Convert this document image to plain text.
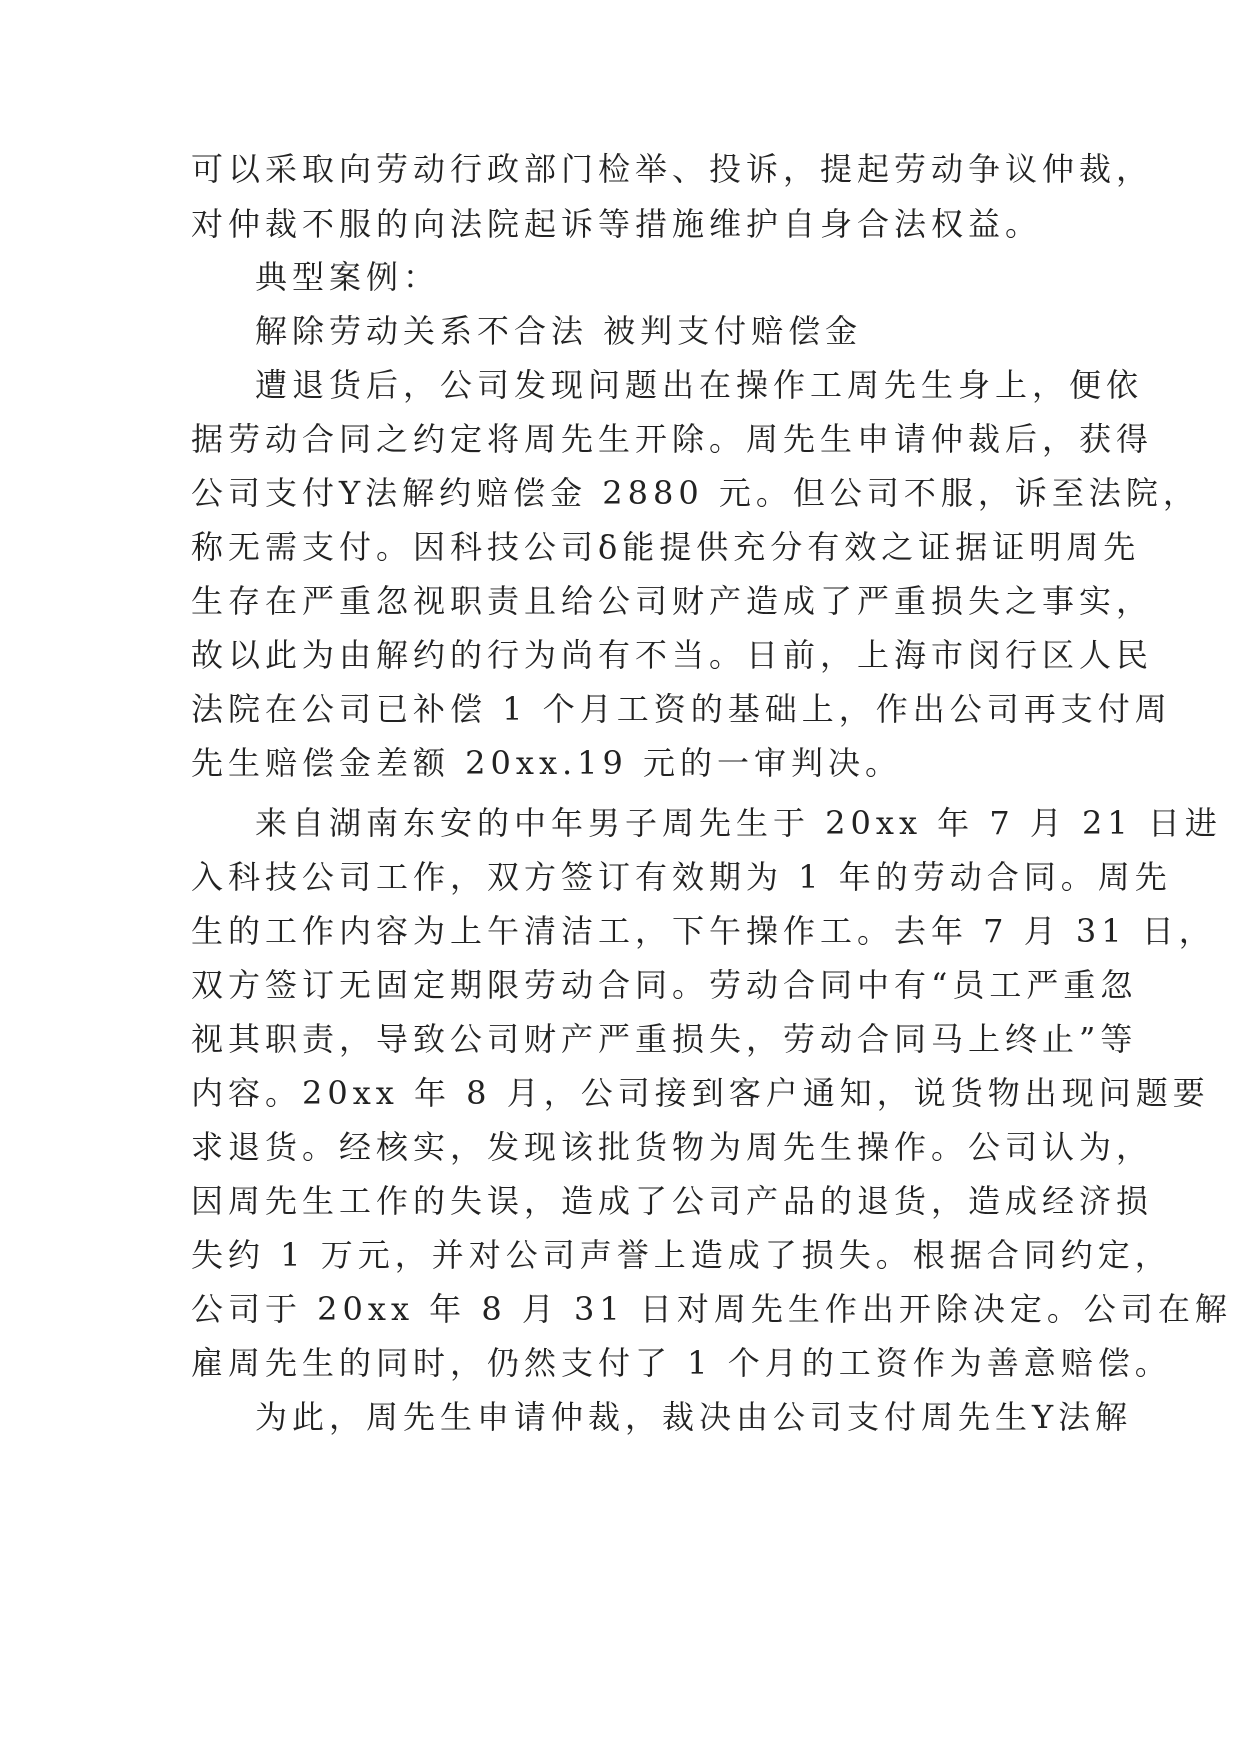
可以采取向劳动行政部门检举、投诉，提起劳动争议仲裁，
对仲裁不服的向法院起诉等措施维护自身合法权益。
典型案例：
解除劳动关系不合法 被判支付赔偿金
遭退货后，公司发现问题出在操作工周先生身上，便依
据劳动合同之约定将周先生开除。周先生申请仲裁后，获得
公司支付Y法解约赔偿金 2880 元。但公司不服，诉至法院，
称无需支付。因科技公司δ能提供充分有效之证据证明周先
生存在严重忽视职责且给公司财产造成了严重损失之事实，
故以此为由解约的行为尚有不当。日前，上海市闵行区人民
法院在公司已补偿 1 个月工资的基础上，作出公司再支付周
先生赔偿金差额 20xx.19 元的一审判决。
来自湖南东安的中年男子周先生于 20xx 年 7 月 21 日进
入科技公司工作，双方签订有效期为 1 年的劳动合同。周先
生的工作内容为上午清洁工，下午操作工。去年 7 月 31 日，
双方签订无固定期限劳动合同。劳动合同中有“员工严重忽
视其职责，导致公司财产严重损失，劳动合同马上终止”等
内容。20xx 年 8 月，公司接到客户通知，说货物出现问题要
求退货。经核实，发现该批货物为周先生操作。公司认为，
因周先生工作的失误，造成了公司产品的退货，造成经济损
失约 1 万元，并对公司声誉上造成了损失。根据合同约定，
公司于 20xx 年 8 月 31 日对周先生作出开除决定。公司在解
雇周先生的同时，仍然支付了 1 个月的工资作为善意赔偿。
为此，周先生申请仲裁，裁决由公司支付周先生Y法解
